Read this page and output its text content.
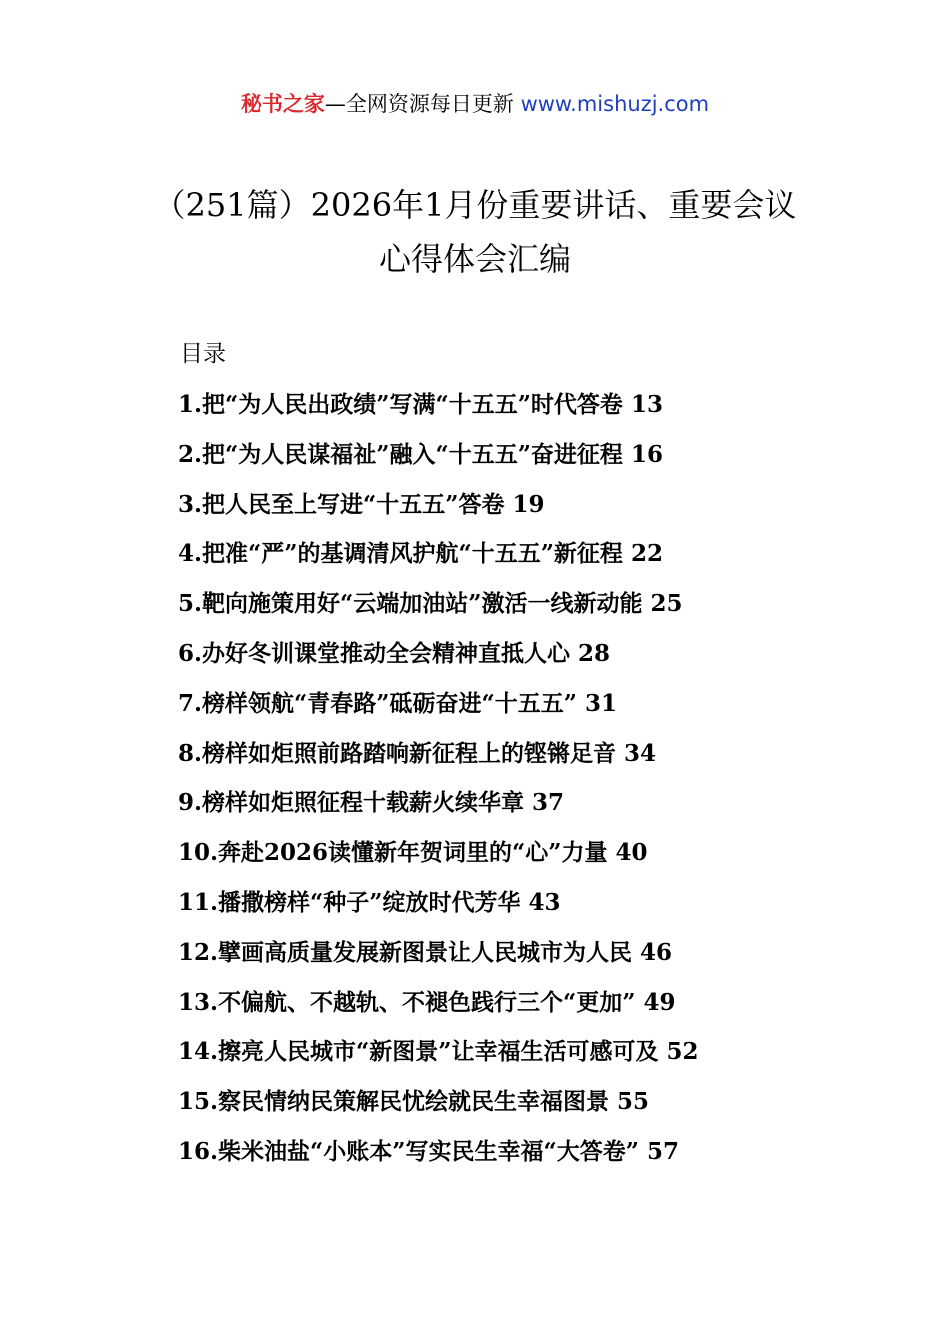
秘书之家—全网资源每日更新 www.mishuzj.com
（251篇）2026年1月份重要讲话、重要会议
心得体会汇编
目录
1.把“为人民出政绩”写满“十五五”时代答卷 13
2.把“为人民谋福祉”融入“十五五”奋进征程 16
3.把人民至上写进“十五五”答卷 19
4.把准“严”的基调清风护航“十五五”新征程 22
5.靶向施策用好“云端加油站”激活一线新动能 25
6.办好冬训课堂推动全会精神直抵人心 28
7.榜样领航“青春路”砥砺奋进“十五五” 31
8.榜样如炬照前路踏响新征程上的铿锵足音 34
9.榜样如炬照征程十载薪火续华章 37
10.奔赴2026读懂新年贺词里的“心”力量 40
11.播撒榜样“种子”绽放时代芳华 43
12.擘画高质量发展新图景让人民城市为人民 46
13.不偏航、不越轨、不褪色践行三个“更加” 49
14.擦亮人民城市“新图景”让幸福生活可感可及 52
15.察民情纳民策解民忧绘就民生幸福图景 55
16.柴米油盐“小账本”写实民生幸福“大答卷” 57
